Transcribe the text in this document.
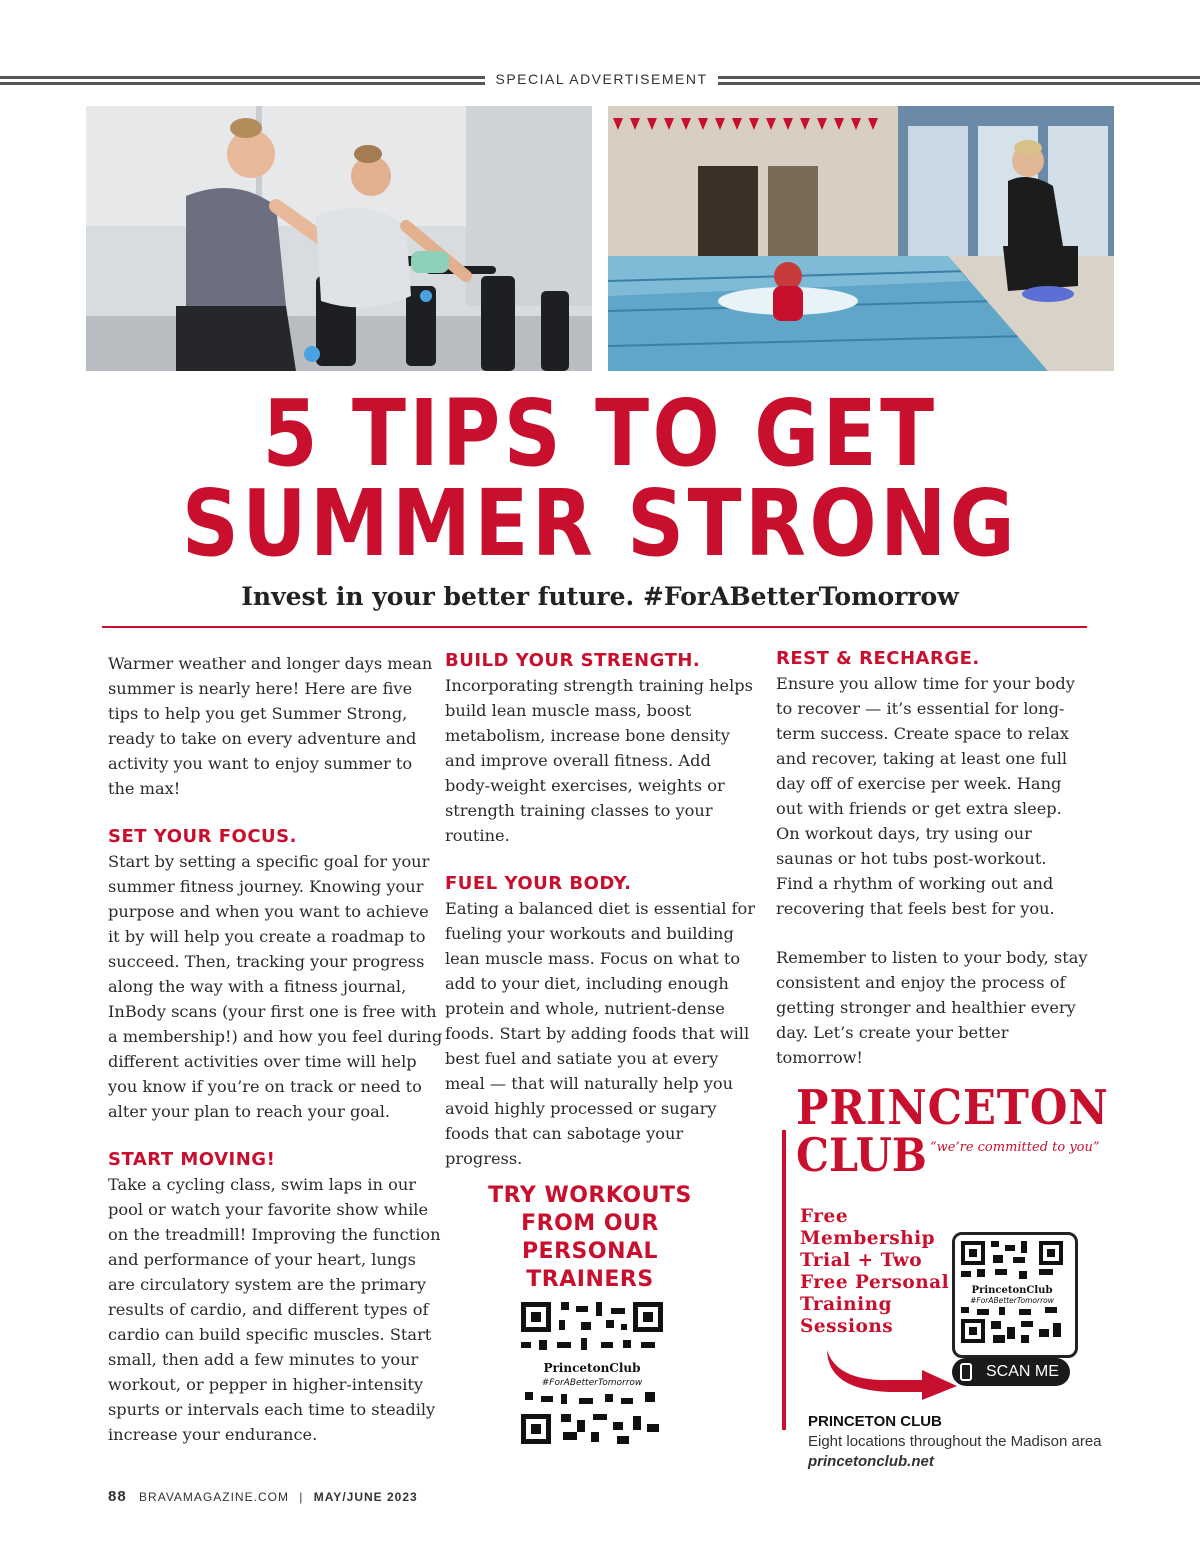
SPECIAL ADVERTISEMENT
5 TIPS TO GET
SUMMER STRONG
Invest in your better future. #ForABetterTomorrow

Warmer weather and longer days mean summer is nearly here! Here are five tips to help you get Summer Strong, ready to take on every adventure and activity you want to enjoy summer to the max!

SET YOUR FOCUS.

Start by setting a specific goal for your summer fitness journey. Knowing your purpose and when you want to achieve it by will help you create a roadmap to succeed. Then, tracking your progress along the way with a fitness journal, InBody scans (your first one is free with a membership!) and how you feel during different activities over time will help you know if you’re on track or need to alter your plan to reach your goal.

START MOVING!

Take a cycling class, swim laps in our pool or watch your favorite show while on the treadmill! Improving the function and performance of your heart, lungs are circulatory system are the primary results of cardio, and different types of cardio can build specific muscles. Start small, then add a few minutes to your workout, or pepper in higher-intensity spurts or intervals each time to steadily increase your endurance.

BUILD YOUR STRENGTH.

Incorporating strength training helps build lean muscle mass, boost metabolism, increase bone density and improve overall fitness. Add body-weight exercises, weights or strength training classes to your routine.

FUEL YOUR BODY.

Eating a balanced diet is essential for fueling your workouts and building lean muscle mass. Focus on what to add to your diet, including enough protein and whole, nutrient-dense foods. Start by adding foods that will best fuel and satiate you at every meal — that will naturally help you avoid highly processed or sugary foods that can sabotage your progress.

TRY WORKOUTS FROM OUR PERSONAL TRAINERS
PrincetonClub
#ForABetterTomorrow
REST & RECHARGE.

Ensure you allow time for your body to recover — it’s essential for long-term success. Create space to relax and recover, taking at least one full day off of exercise per week. Hang out with friends or get extra sleep. On workout days, try using our saunas or hot tubs post-workout. Find a rhythm of working out and recovering that feels best for you.

Remember to listen to your body, stay consistent and enjoy the process of getting stronger and healthier every day. Let’s create your better tomorrow!

PRINCETON
CLUB “we’re committed to you”
Free Membership Trial + Two Free Personal Training Sessions
PrincetonClub
#ForABetterTomorrow
SCAN ME
PRINCETON CLUB
Eight locations throughout the Madison area princetonclub.net
88 BRAVAMAGAZINE.COM | MAY/JUNE 2023
